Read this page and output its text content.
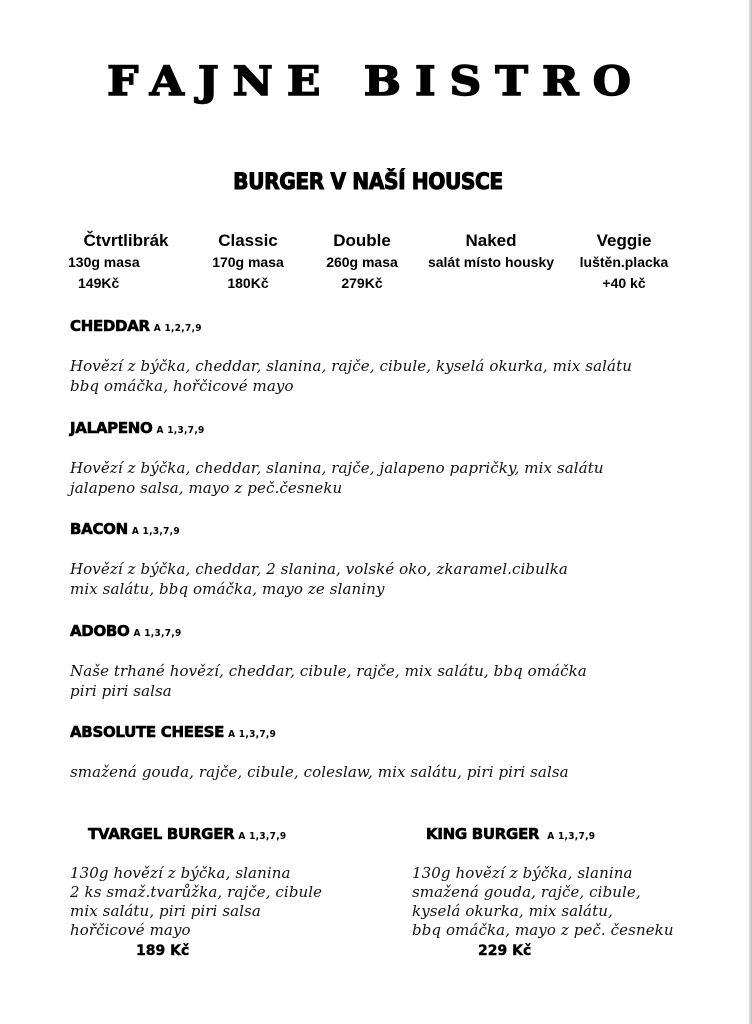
FAJNE BISTRO
BURGER V NAŠÍ HOUSCE
Čtvrtlibrák
130g masa
149Kč
Classic
170g masa
180Kč
Double
260g masa
279Kč
Naked
salát místo housky
Veggie
luštěn.placka
+40 kč
CHEDDAR A 1,2,7,9
Hovězí z býčka, cheddar, slanina, rajče, cibule, kyselá okurka, mix salátu
bbq omáčka, hořčicové mayo
JALAPENO A 1,3,7,9
Hovězí z býčka, cheddar, slanina, rajče, jalapeno papričky, mix salátu
jalapeno salsa, mayo z peč.česneku
BACON A 1,3,7,9
Hovězí z býčka, cheddar, 2 slanina, volské oko, zkaramel.cibulka
mix salátu, bbq omáčka, mayo ze slaniny
ADOBO A 1,3,7,9
Naše trhané hovězí, cheddar, cibule, rajče, mix salátu, bbq omáčka
piri piri salsa
ABSOLUTE CHEESE A 1,3,7,9
smažená gouda, rajče, cibule, coleslaw, mix salátu, piri piri salsa
TVARGEL BURGER A 1,3,7,9
130g hovězí z býčka, slanina
2 ks smaž.tvarůžka, rajče, cibule
mix salátu, piri piri salsa
hořčicové mayo
189 Kč
KING BURGER A 1,3,7,9
130g hovězí z býčka, slanina
smažená gouda, rajče, cibule,
kyselá okurka, mix salátu,
bbq omáčka, mayo z peč. česneku
229 Kč
